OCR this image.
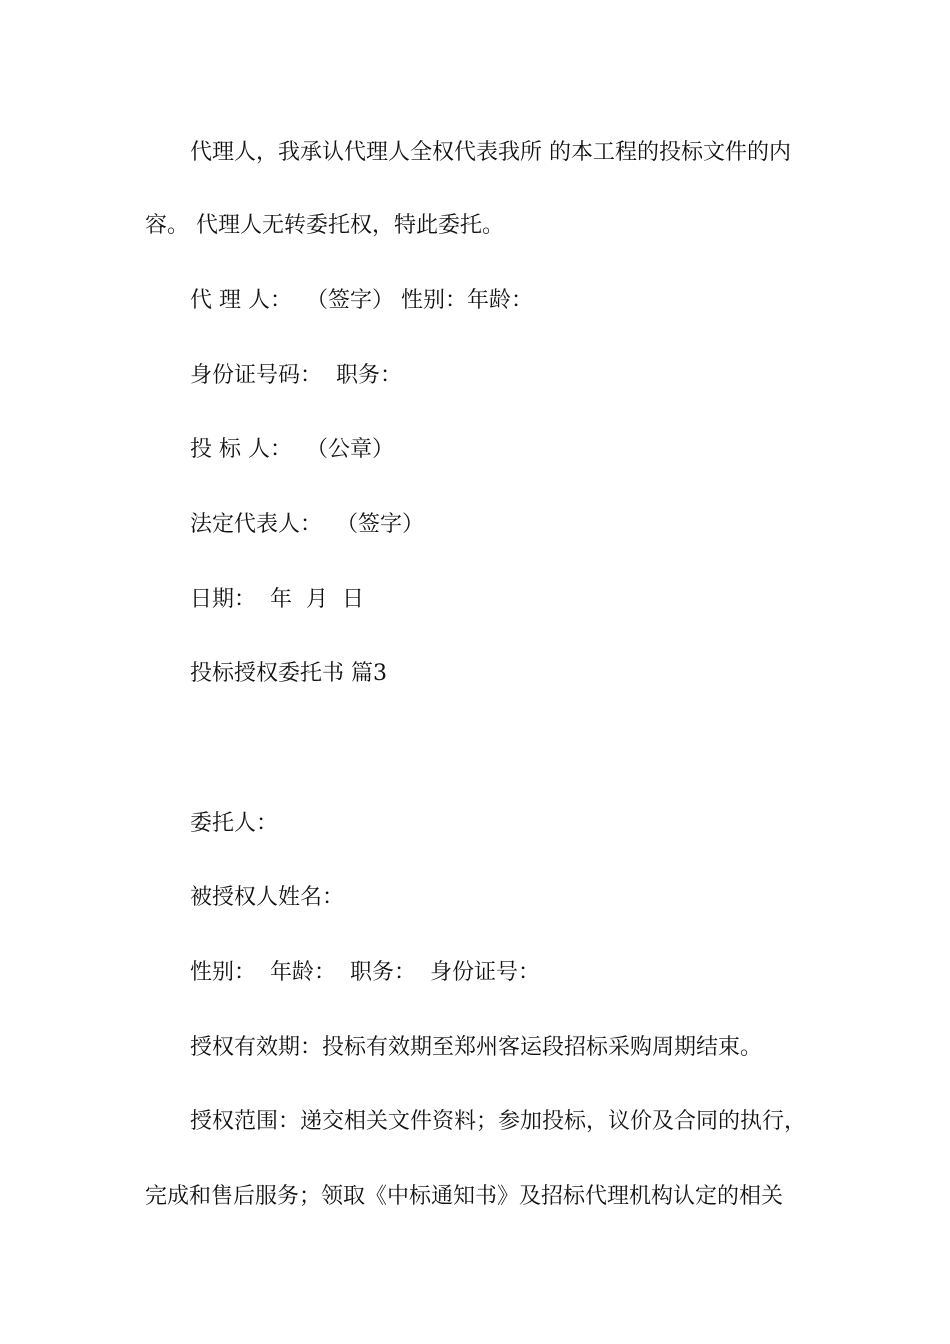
代理人，我承认代理人全权代表我所 的本工程的投标文件的内

容。 代理人无转委托权，特此委托。

代 理 人：  （签字） 性别：年龄：

身份证号码：  职务：

投 标 人：  （公章）

法定代表人：  （签字）

日期：  年  月  日

投标授权委托书 篇3

委托人：

被授权人姓名：

性别：  年龄：  职务：  身份证号：

授权有效期：投标有效期至郑州客运段招标采购周期结束。

授权范围：递交相关文件资料；参加投标，议价及合同的执行，

完成和售后服务；领取《中标通知书》及招标代理机构认定的相关
